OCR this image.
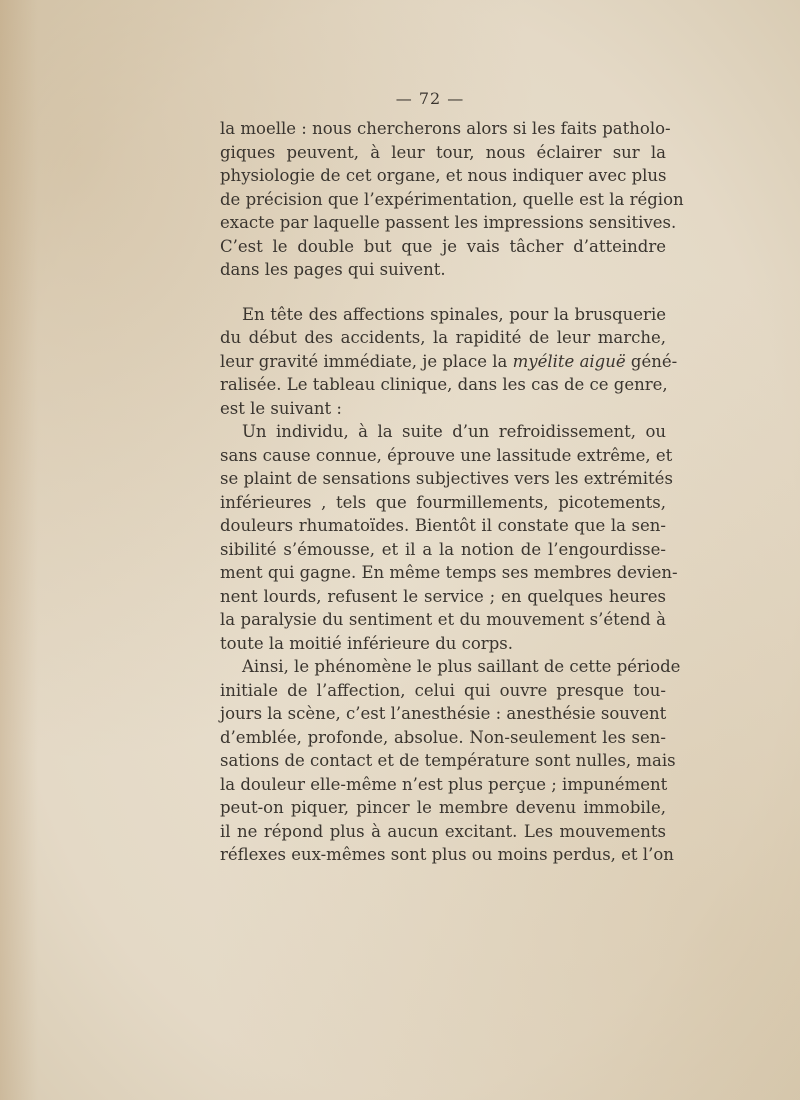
— 72 —
la moelle : nous chercherons alors si les faits patholo-
giques peuvent, à leur tour, nous éclairer sur la
physiologie de cet organe, et nous indiquer avec plus
de précision que l’expérimentation, quelle est la région
exacte par laquelle passent les impressions sensitives.
C’est le double but que je vais tâcher d’atteindre
dans les pages qui suivent.
En tête des affections spinales, pour la brusquerie
du début des accidents, la rapidité de leur marche,
leur gravité immédiate, je place la myélite aiguë géné-
ralisée. Le tableau clinique, dans les cas de ce genre,
est le suivant :
Un individu, à la suite d’un refroidissement, ou
sans cause connue, éprouve une lassitude extrême, et
se plaint de sensations subjectives vers les extrémités
inférieures , tels que fourmillements, picotements,
douleurs rhumatoïdes. Bientôt il constate que la sen-
sibilité s’émousse, et il a la notion de l’engourdisse-
ment qui gagne. En même temps ses membres devien-
nent lourds, refusent le service ; en quelques heures
la paralysie du sentiment et du mouvement s’étend à
toute la moitié inférieure du corps.
Ainsi, le phénomène le plus saillant de cette période
initiale de l’affection, celui qui ouvre presque tou-
jours la scène, c’est l’anesthésie : anesthésie souvent
d’emblée, profonde, absolue. Non-seulement les sen-
sations de contact et de température sont nulles, mais
la douleur elle-même n’est plus perçue ; impunément
peut-on piquer, pincer le membre devenu immobile,
il ne répond plus à aucun excitant. Les mouvements
réflexes eux-mêmes sont plus ou moins perdus, et l’on
